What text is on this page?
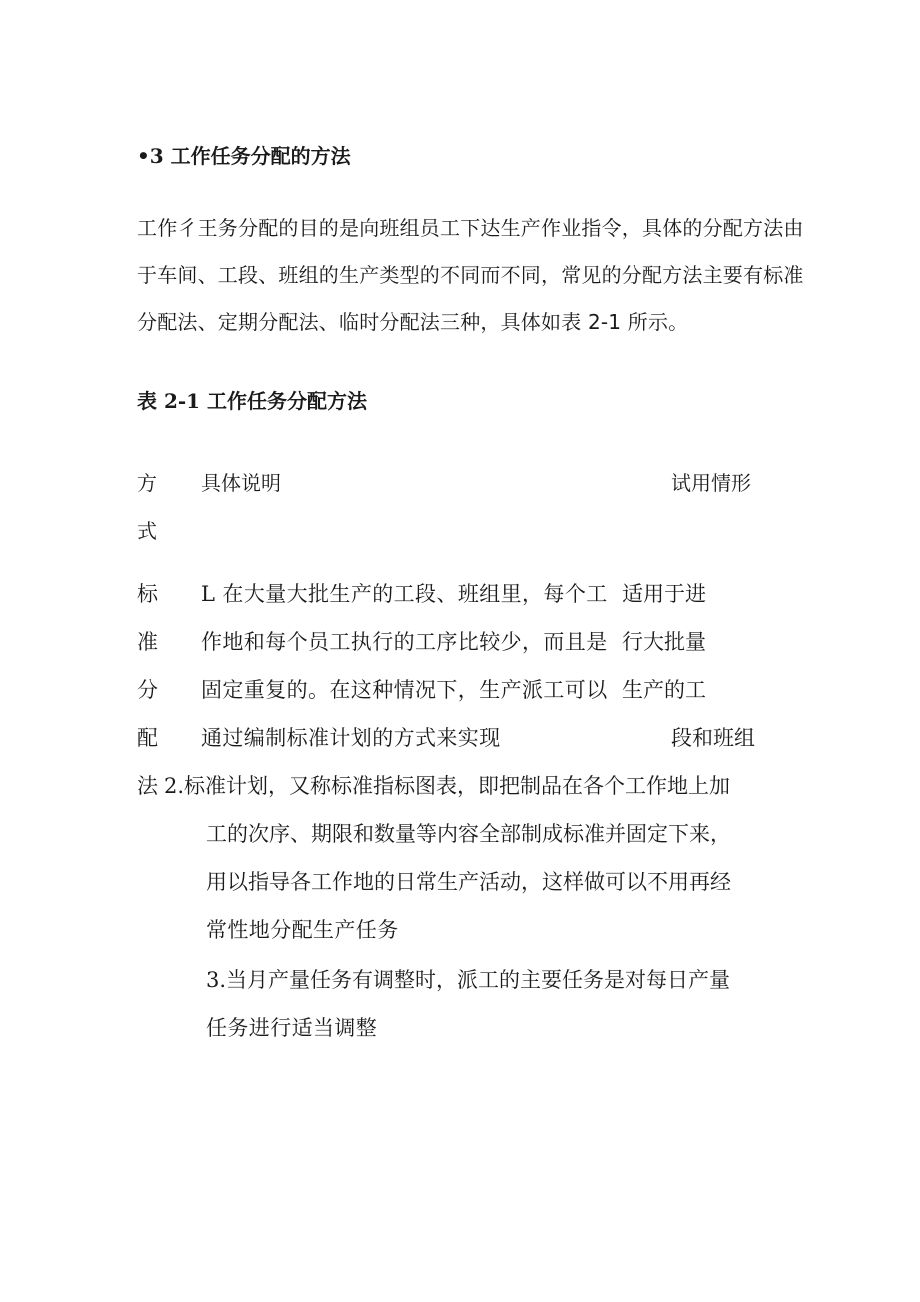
•3 工作任务分配的方法
工作彳王务分配的目的是向班组员工下达生产作业指令，具体的分配方法由
于车间、工段、班组的生产类型的不同而不同，常见的分配方法主要有标准
分配法、定期分配法、临时分配法三种，具体如表 2-1 所示。
表 2-1 工作任务分配方法
方
式
具体说明	试用情形
标
准
分
配
法
L 在大量大批生产的工段、班组里，每个工
作地和每个员工执行的工序比较少，而且是
固定重复的。在这种情况下，生产派工可以
通过编制标准计划的方式来实现
2.标准计划，又称标准指标图表，即把制品在各个工作地上加
工的次序、期限和数量等内容全部制成标准并固定下来，
用以指导各工作地的日常生产活动，这样做可以不用再经
常性地分配生产任务
3.当月产量任务有调整时，派工的主要任务是对每日产量
任务进行适当调整
适用于进
行大批量
生产的工
段和班组
